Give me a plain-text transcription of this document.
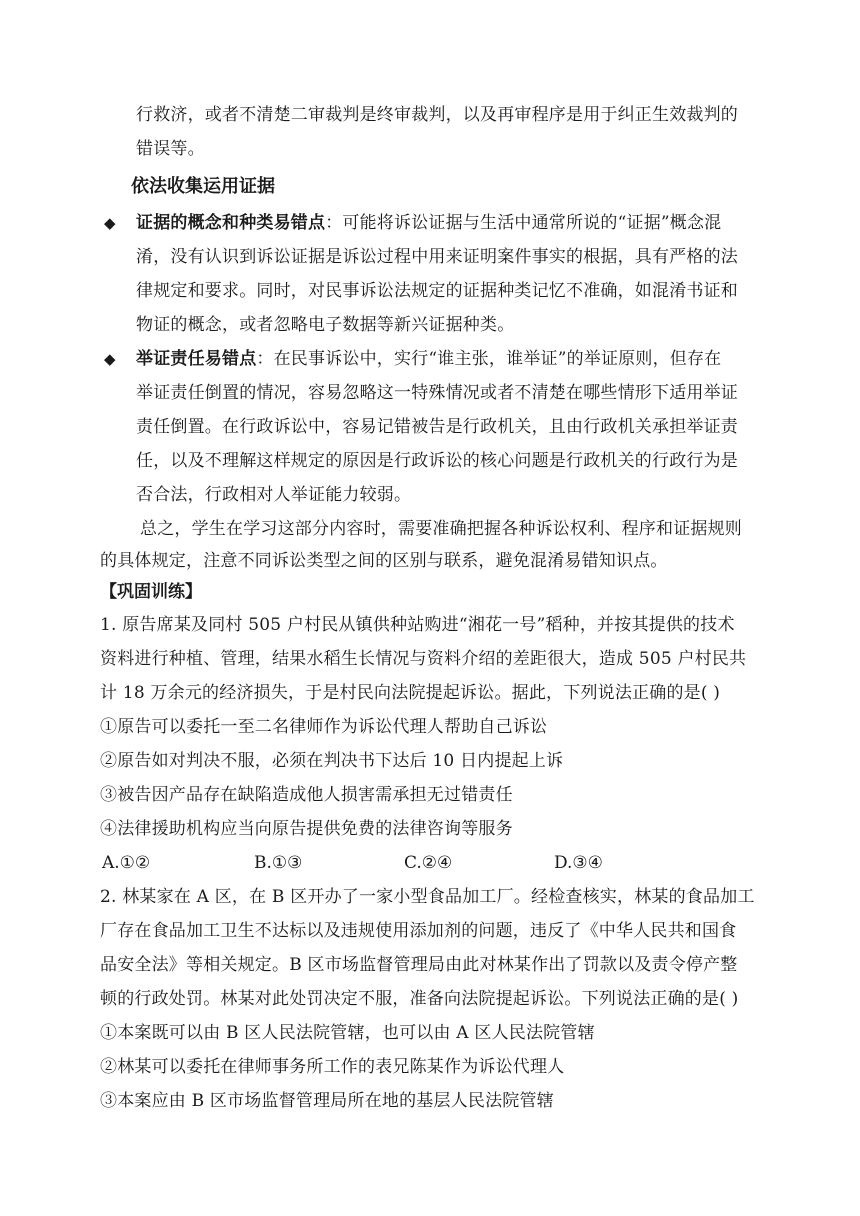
行救济，或者不清楚二审裁判是终审裁判，以及再审程序是用于纠正生效裁判的
错误等。
依法收集运用证据
◆ 证据的概念和种类易错点：可能将诉讼证据与生活中通常所说的“证据”概念混
淆，没有认识到诉讼证据是诉讼过程中用来证明案件事实的根据，具有严格的法
律规定和要求。同时，对民事诉讼法规定的证据种类记忆不准确，如混淆书证和
物证的概念，或者忽略电子数据等新兴证据种类。
◆ 举证责任易错点：在民事诉讼中，实行“谁主张，谁举证”的举证原则，但存在
举证责任倒置的情况，容易忽略这一特殊情况或者不清楚在哪些情形下适用举证
责任倒置。在行政诉讼中，容易记错被告是行政机关，且由行政机关承担举证责
任，以及不理解这样规定的原因是行政诉讼的核心问题是行政机关的行政行为是
否合法，行政相对人举证能力较弱。
总之，学生在学习这部分内容时，需要准确把握各种诉讼权利、程序和证据规则
的具体规定，注意不同诉讼类型之间的区别与联系，避免混淆易错知识点。
【巩固训练】
1. 原告席某及同村 505 户村民从镇供种站购进“湘花一号”稻种，并按其提供的技术
资料进行种植、管理，结果水稻生长情况与资料介绍的差距很大，造成 505 户村民共
计 18 万余元的经济损失，于是村民向法院提起诉讼。据此，下列说法正确的是( )
①原告可以委托一至二名律师作为诉讼代理人帮助自己诉讼
②原告如对判决不服，必须在判决书下达后 10 日内提起上诉
③被告因产品存在缺陷造成他人损害需承担无过错责任
④法律援助机构应当向原告提供免费的法律咨询等服务
A.①②	B.①③	C.②④	D.③④
2. 林某家在 A 区，在 B 区开办了一家小型食品加工厂。经检查核实，林某的食品加工
厂存在食品加工卫生不达标以及违规使用添加剂的问题，违反了《中华人民共和国食
品安全法》等相关规定。B 区市场监督管理局由此对林某作出了罚款以及责令停产整
顿的行政处罚。林某对此处罚决定不服，准备向法院提起诉讼。下列说法正确的是( )
①本案既可以由 B 区人民法院管辖，也可以由 A 区人民法院管辖
②林某可以委托在律师事务所工作的表兄陈某作为诉讼代理人
③本案应由 B 区市场监督管理局所在地的基层人民法院管辖
